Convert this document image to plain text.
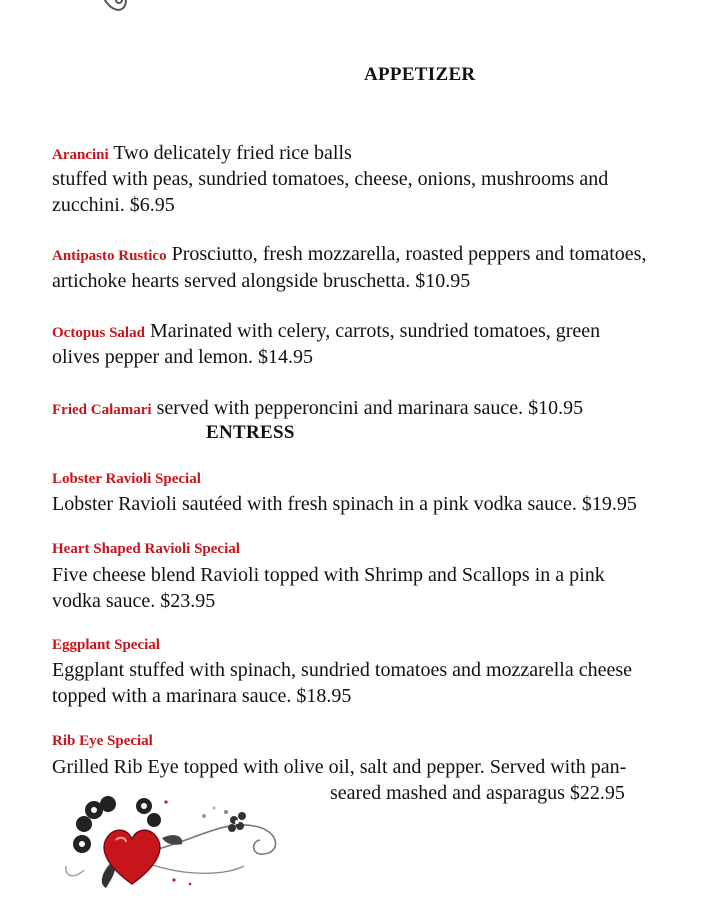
APPETIZER
Arancini Two delicately fried rice balls
stuffed with peas, sundried tomatoes, cheese, onions, mushrooms and
zucchini. $6.95
Antipasto Rustico Prosciutto, fresh mozzarella, roasted peppers and tomatoes,
artichoke hearts served alongside bruschetta. $10.95
Octopus Salad Marinated with celery, carrots, sundried tomatoes, green
olives pepper and lemon. $14.95
Fried Calamari served with pepperoncini and marinara sauce. $10.95
ENTRESS
Lobster Ravioli Special
Lobster Ravioli sautéed with fresh spinach in a pink vodka sauce. $19.95
Heart Shaped Ravioli Special
Five cheese blend Ravioli topped with Shrimp and Scallops in a pink
vodka sauce. $23.95
Eggplant Special
Eggplant stuffed with spinach, sundried tomatoes and mozzarella cheese
topped with a marinara sauce. $18.95
Rib Eye Special
Grilled Rib Eye topped with olive oil, salt and pepper. Served with pan-
seared mashed and asparagus $22.95
